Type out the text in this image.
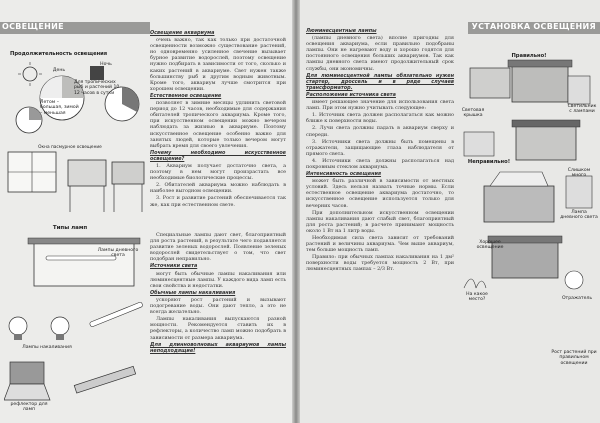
ОСВЕЩЕНИЕ
Продолжительность освещения
День
Ночь
Для тропических рыб и растений 10–12 часов в сутки
Летом – большая, зимой – меньшая
Окна пасмурное освещение
Типы ламп
Лампы дневного света
Лампы накаливания
рефлектор для ламп

Освещение аквариума

очень важно, так как только при достаточной освещенности возможно существование растений, но одновременно усиленное свечение вызывает бурное развитие водорослей, поэтому освещение нужно подбирать в зависимости от того, сколько и каких растений в аквариуме. Свет нужен также большинству рыб и другим водным животным. Кроме того, аквариум лучше смотрится при хорошем освещении.

Естественное освещение

позволяет в зимние месяцы удлинить световой период до 12 часов, необходимые для содержания обитателей тропического аквариума. Кроме того, при искусственном освещении можно вечером наблюдать за жизнью в аквариуме. Поэтому искусственное освещение особенно важно для занятых людей, которые только вечером могут выбрать время для своего увлечения.

Почему необходимо искусственное освещение?

1. Аквариум получает достаточно света, а поэтому в нем могут произрастать все необходимые биологические процессы.

2. Обитателей аквариума можно наблюдать в наиболее выгодном освещении.

3. Рост и развитие растений обеспечивается так же, как при естественном свете.

Специальные лампы дают свет, благоприятный для роста растений, в результате чего подавляется развитие зеленых водорослей. Появление зеленых водорослей свидетельствует о том, что свет подобран неправильно.

Источники света

могут быть обычные лампы накаливания или люминесцентные лампы. У каждого вида ламп есть свои свойства и недостатки.

Обычные лампы накаливания

ускоряют рост растений и вызывают подогревание воды. Они дают тепло, а это не всегда желательно.

Лампы накаливания выпускаются разной мощности. Рекомендуется ставить их в рефлекторы, а количество ламп можно подобрать в зависимости от размера аквариума.

Для длинноволновых аквариумов лампы неподходящие!

УСТАНОВКА ОСВЕЩЕНИЯ

Люминесцентные лампы

(лампы дневного света) вполне пригодны для освещения аквариума, если правильно подобраны лампы. Они не нагревают воду и хорошо годятся для постоянного освещения больших аквариумов. Так как лампы дневного света имеют продолжительный срок службы, они экономичны.

Для люминесцентной лампы обязательно нужен стартер, дроссель и в ряде случаев трансформатор.

Расположение источника света

имеет решающее значение для использования света ламп. При этом нужно учитывать следующее:

1. Источник света должен располагаться как можно ближе к поверхности воды.

2. Лучи света должны падать в аквариум сверху и спереди.

3. Источники света должны быть помещены в отражатели, защищающие глаза наблюдателя от прямого света.

4. Источники света должны располагаться над покровным стеклом аквариума.

Интенсивность освещения

может быть различной в зависимости от местных условий. Здесь нельзя назвать точные нормы. Если естественное освещение аквариума достаточно, то искусственное освещение используется только для вечерних часов.

При дополнительном искусственном освещении лампы накаливания дают слабый свет, благоприятный для роста растений; в расчете принимают мощность около 1 Вт на 1 литр воды.

Необходимая сила света зависит от требований растений и величины аквариума. Чем выше аквариум, тем больше мощность ламп.

Правило: при обычных лампах накаливания на 1 дм² поверхности воды требуется мощность 2 Вт, при люминесцентных лампах – 2/3 Вт.

Правильно!
Световая крышка
Светильник с лампами
Неправильно!
Слишком много
Лампа дневного света
Хорошее освещение
На какое место?	Отражатель
Рост растений при правильном освещении
